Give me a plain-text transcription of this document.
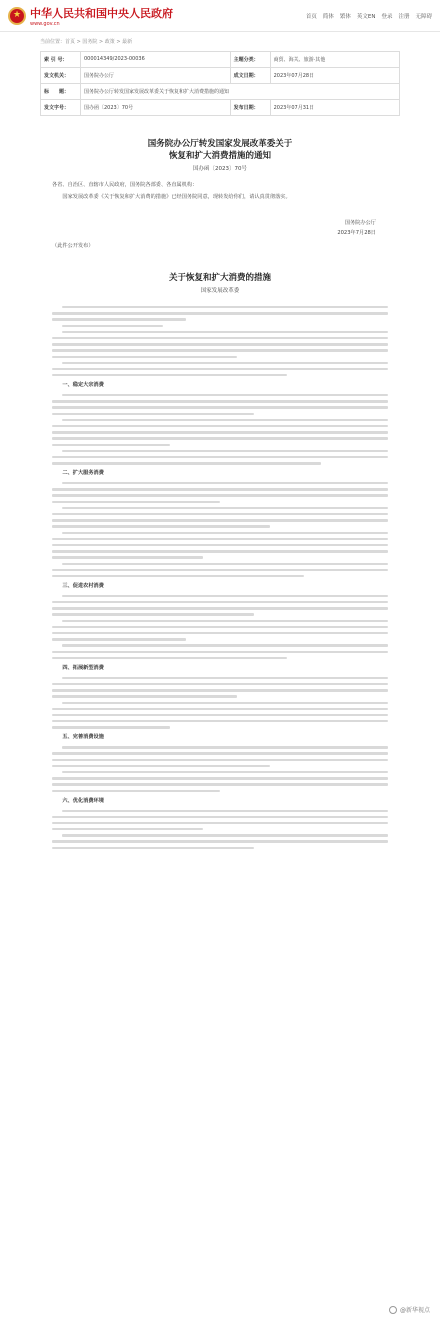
★
中华人民共和国中央人民政府
www.gov.cn
首页 简体 繁体 英文EN 登录 注册 无障碍
当前位置：首页 > 国务院 > 政策 > 最新
索 引 号：	000014349/2023-00036	主题分类：	商贸、海关、旅游·其他
发文机关：	国务院办公厅	成文日期：	2023年07月28日
标　　题：	国务院办公厅转发国家发展改革委关于恢复和扩大消费措施的通知		
发文字号：	国办函〔2023〕70号	发布日期：	2023年07月31日
国务院办公厅转发国家发展改革委关于
恢复和扩大消费措施的通知
国办函〔2023〕70号
各省、自治区、直辖市人民政府，国务院各部委、各直属机构：
国家发展改革委《关于恢复和扩大消费的措施》已经国务院同意，现转发给你们，请认真贯彻落实。
国务院办公厅
2023年7月28日
（此件公开发布）
关于恢复和扩大消费的措施
国家发展改革委
一、稳定大宗消费
二、扩大服务消费
三、促进农村消费
四、拓展新型消费
五、完善消费设施
六、优化消费环境
@新华视点
